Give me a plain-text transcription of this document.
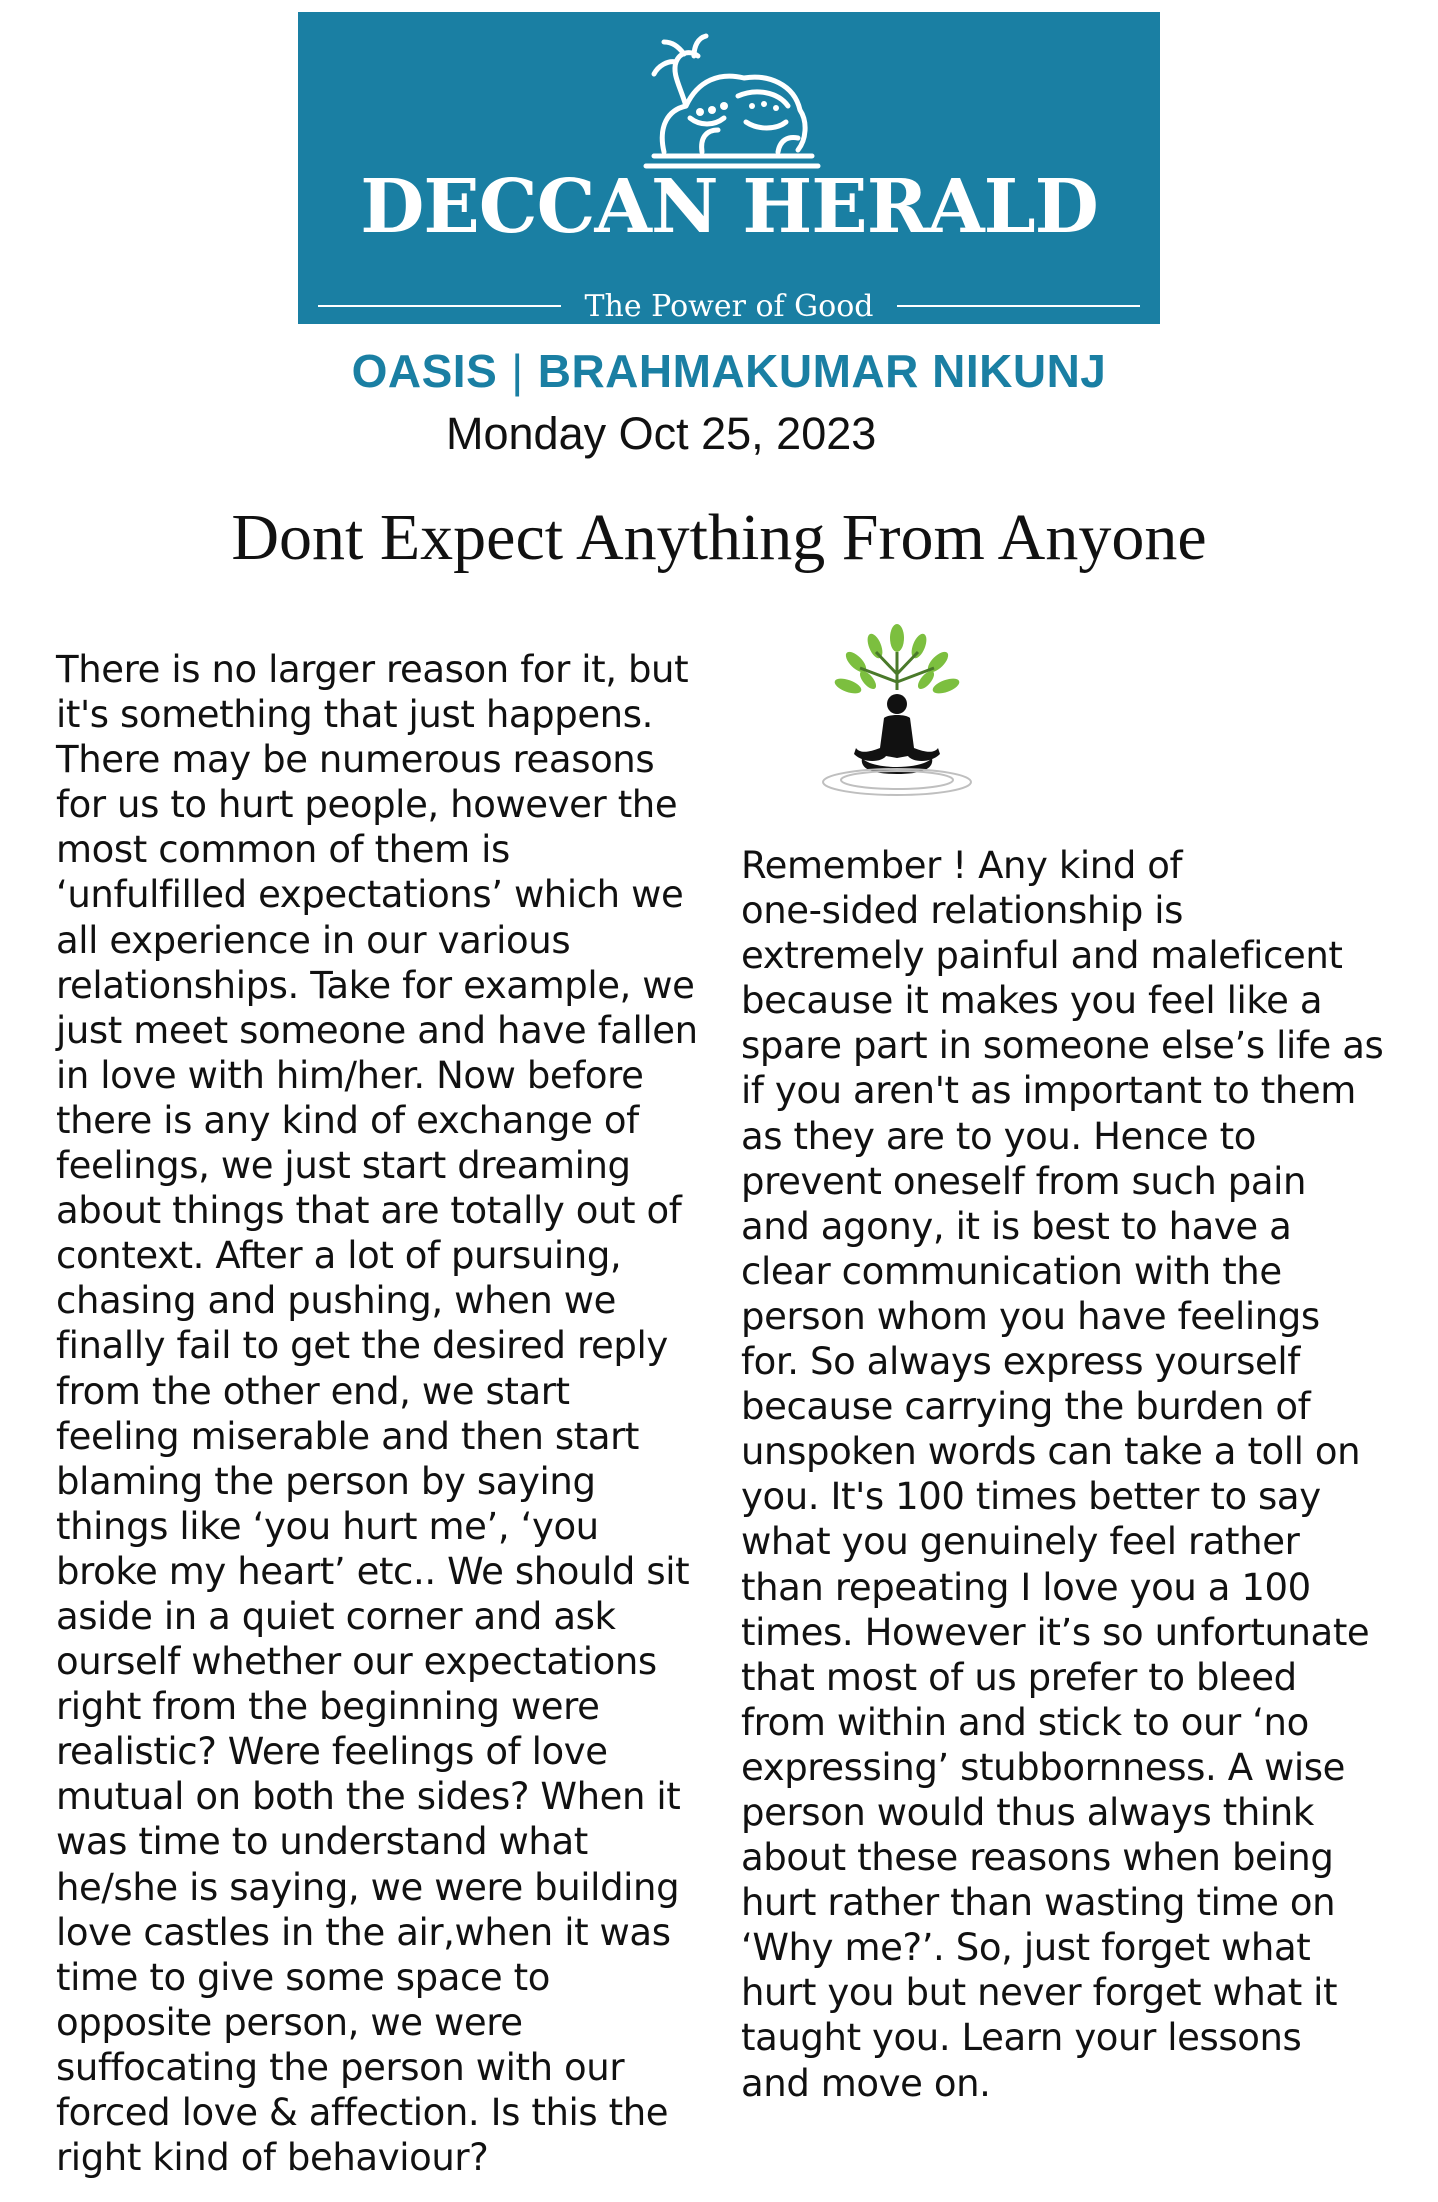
DECCAN HERALD
The Power of Good
OASIS | BRAHMAKUMAR NIKUNJ
Monday Oct 25, 2023
Dont Expect Anything From Anyone

There is no larger reason for it, but
it's something that just happens.
There may be numerous reasons
for us to hurt people, however the
most common of them is
‘unfulfilled expectations’ which we
all experience in our various
relationships. Take for example, we
just meet someone and have fallen
in love with him/her. Now before
there is any kind of exchange of
feelings, we just start dreaming
about things that are totally out of
context. After a lot of pursuing,
chasing and pushing, when we
finally fail to get the desired reply
from the other end, we start
feeling miserable and then start
blaming the person by saying
things like ‘you hurt me’, ‘you
broke my heart’ etc.. We should sit
aside in a quiet corner and ask
ourself whether our expectations
right from the beginning were
realistic? Were feelings of love
mutual on both the sides? When it
was time to understand what
he/she is saying, we were building
love castles in the air,when it was
time to give some space to
opposite person, we were
suffocating the person with our
forced love & affection. Is this the
right kind of behaviour?

Remember ! Any kind of
one-sided relationship is
extremely painful and maleficent
because it makes you feel like a
spare part in someone else’s life as
if you aren't as important to them
as they are to you. Hence to
prevent oneself from such pain
and agony, it is best to have a
clear communication with the
person whom you have feelings
for. So always express yourself
because carrying the burden of
unspoken words can take a toll on
you. It's 100 times better to say
what you genuinely feel rather
than repeating I love you a 100
times. However it’s so unfortunate
that most of us prefer to bleed
from within and stick to our ‘no
expressing’ stubbornness. A wise
person would thus always think
about these reasons when being
hurt rather than wasting time on
‘Why me?’. So, just forget what
hurt you but never forget what it
taught you. Learn your lessons
and move on.
